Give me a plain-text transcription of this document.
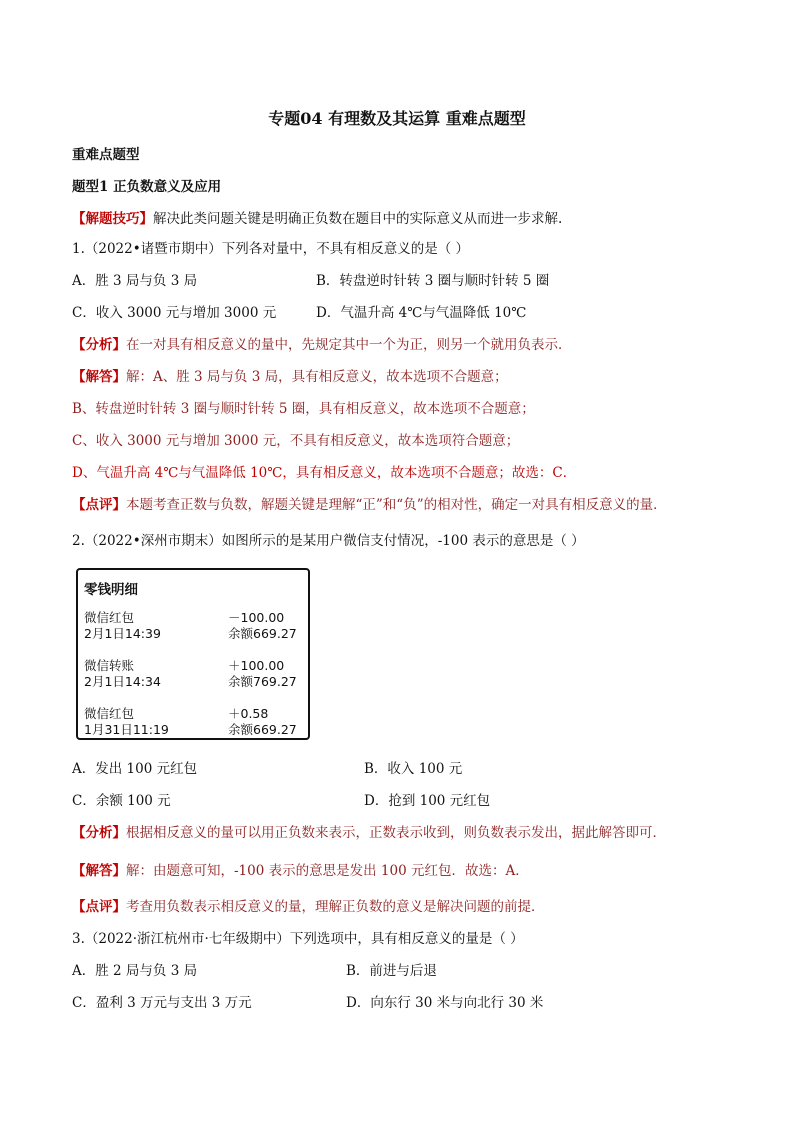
专题04 有理数及其运算 重难点题型
重难点题型
题型1 正负数意义及应用
【解题技巧】解决此类问题关键是明确正负数在题目中的实际意义从而进一步求解.
1.（2022•诸暨市期中）下列各对量中，不具有相反意义的是（ ）
A．胜 3 局与负 3 局	B．转盘逆时针转 3 圈与顺时针转 5 圈
C．收入 3000 元与增加 3000 元	D．气温升高 4℃与气温降低 10℃
【分析】在一对具有相反意义的量中，先规定其中一个为正，则另一个就用负表示．
【解答】解：A、胜 3 局与负 3 局，具有相反意义，故本选项不合题意；
B、转盘逆时针转 3 圈与顺时针转 5 圈，具有相反意义，故本选项不合题意；
C、收入 3000 元与增加 3000 元，不具有相反意义，故本选项符合题意；
D、气温升高 4℃与气温降低 10℃，具有相反意义，故本选项不合题意；故选：C．
【点评】本题考查正数与负数，解题关键是理解“正”和“负”的相对性，确定一对具有相反意义的量．
2.（2022•深州市期末）如图所示的是某用户微信支付情况，-100 表示的意思是（ ）
零钱明细
微信红包	－100.00
2月1日14:39	余额669.27
微信转账	＋100.00
2月1日14:34	余额769.27
微信红包	＋0.58
1月31日11:19	余额669.27
A．发出 100 元红包	B．收入 100 元
C．余额 100 元	D．抢到 100 元红包
【分析】根据相反意义的量可以用正负数来表示，正数表示收到，则负数表示发出，据此解答即可．
【解答】解：由题意可知，-100 表示的意思是发出 100 元红包．故选：A．
【点评】考查用负数表示相反意义的量，理解正负数的意义是解决问题的前提．
3.（2022·浙江杭州市·七年级期中）下列选项中，具有相反意义的量是（ ）
A．胜 2 局与负 3 局	B．前进与后退
C．盈利 3 万元与支出 3 万元	D．向东行 30 米与向北行 30 米
